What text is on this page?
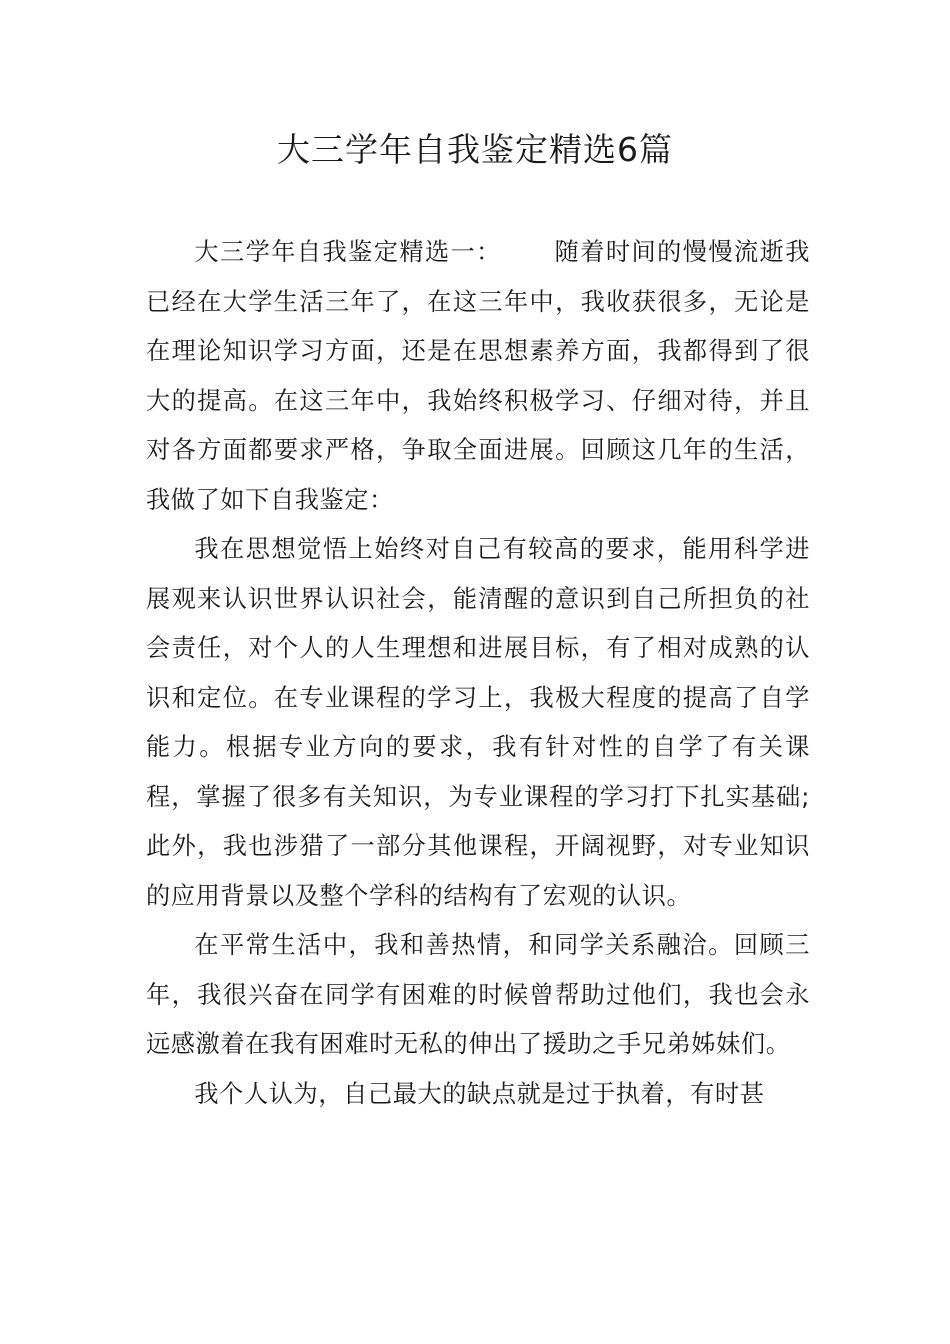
大三学年自我鉴定精选6篇

大三学年自我鉴定精选一： 随着时间的慢慢流逝我已经在大学生活三年了，在这三年中，我收获很多，无论是在理论知识学习方面，还是在思想素养方面，我都得到了很大的提高。在这三年中，我始终积极学习、仔细对待，并且对各方面都要求严格，争取全面进展。回顾这几年的生活，我做了如下自我鉴定：

我在思想觉悟上始终对自己有较高的要求，能用科学进展观来认识世界认识社会，能清醒的意识到自己所担负的社会责任，对个人的人生理想和进展目标，有了相对成熟的认识和定位。在专业课程的学习上，我极大程度的提高了自学能力。根据专业方向的要求，我有针对性的自学了有关课程，掌握了很多有关知识，为专业课程的学习打下扎实基础;此外，我也涉猎了一部分其他课程，开阔视野，对专业知识的应用背景以及整个学科的结构有了宏观的认识。

在平常生活中，我和善热情，和同学关系融洽。回顾三年，我很兴奋在同学有困难的时候曾帮助过他们，我也会永远感激着在我有困难时无私的伸出了援助之手兄弟姊妹们。

我个人认为，自己最大的缺点就是过于执着，有时甚
